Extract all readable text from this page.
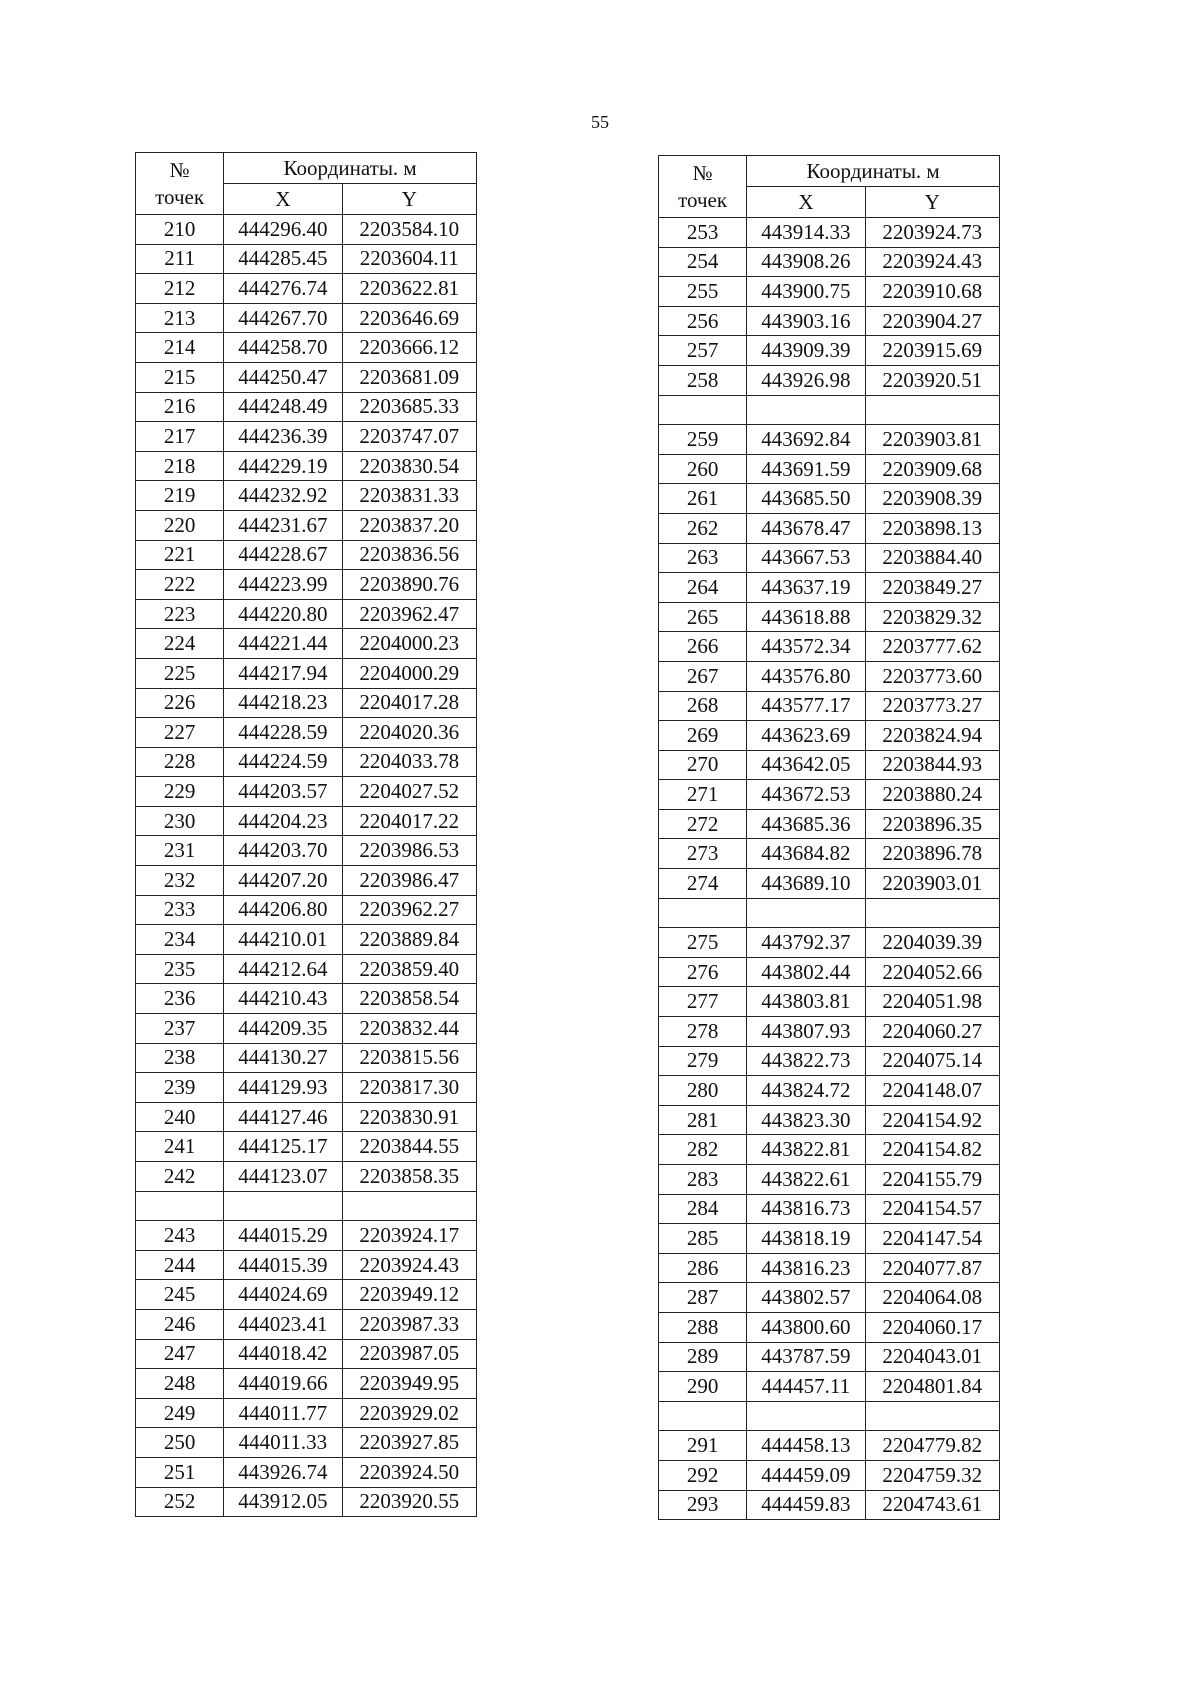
55
№
точек	Координаты. м	
	X	Y
210	444296.40	2203584.10
211	444285.45	2203604.11
212	444276.74	2203622.81
213	444267.70	2203646.69
214	444258.70	2203666.12
215	444250.47	2203681.09
216	444248.49	2203685.33
217	444236.39	2203747.07
218	444229.19	2203830.54
219	444232.92	2203831.33
220	444231.67	2203837.20
221	444228.67	2203836.56
222	444223.99	2203890.76
223	444220.80	2203962.47
224	444221.44	2204000.23
225	444217.94	2204000.29
226	444218.23	2204017.28
227	444228.59	2204020.36
228	444224.59	2204033.78
229	444203.57	2204027.52
230	444204.23	2204017.22
231	444203.70	2203986.53
232	444207.20	2203986.47
233	444206.80	2203962.27
234	444210.01	2203889.84
235	444212.64	2203859.40
236	444210.43	2203858.54
237	444209.35	2203832.44
238	444130.27	2203815.56
239	444129.93	2203817.30
240	444127.46	2203830.91
241	444125.17	2203844.55
242	444123.07	2203858.35

243	444015.29	2203924.17
244	444015.39	2203924.43
245	444024.69	2203949.12
246	444023.41	2203987.33
247	444018.42	2203987.05
248	444019.66	2203949.95
249	444011.77	2203929.02
250	444011.33	2203927.85
251	443926.74	2203924.50
252	443912.05	2203920.55
№
точек	Координаты. м	
	X	Y
253	443914.33	2203924.73
254	443908.26	2203924.43
255	443900.75	2203910.68
256	443903.16	2203904.27
257	443909.39	2203915.69
258	443926.98	2203920.51

259	443692.84	2203903.81
260	443691.59	2203909.68
261	443685.50	2203908.39
262	443678.47	2203898.13
263	443667.53	2203884.40
264	443637.19	2203849.27
265	443618.88	2203829.32
266	443572.34	2203777.62
267	443576.80	2203773.60
268	443577.17	2203773.27
269	443623.69	2203824.94
270	443642.05	2203844.93
271	443672.53	2203880.24
272	443685.36	2203896.35
273	443684.82	2203896.78
274	443689.10	2203903.01

275	443792.37	2204039.39
276	443802.44	2204052.66
277	443803.81	2204051.98
278	443807.93	2204060.27
279	443822.73	2204075.14
280	443824.72	2204148.07
281	443823.30	2204154.92
282	443822.81	2204154.82
283	443822.61	2204155.79
284	443816.73	2204154.57
285	443818.19	2204147.54
286	443816.23	2204077.87
287	443802.57	2204064.08
288	443800.60	2204060.17
289	443787.59	2204043.01
290	444457.11	2204801.84

291	444458.13	2204779.82
292	444459.09	2204759.32
293	444459.83	2204743.61
